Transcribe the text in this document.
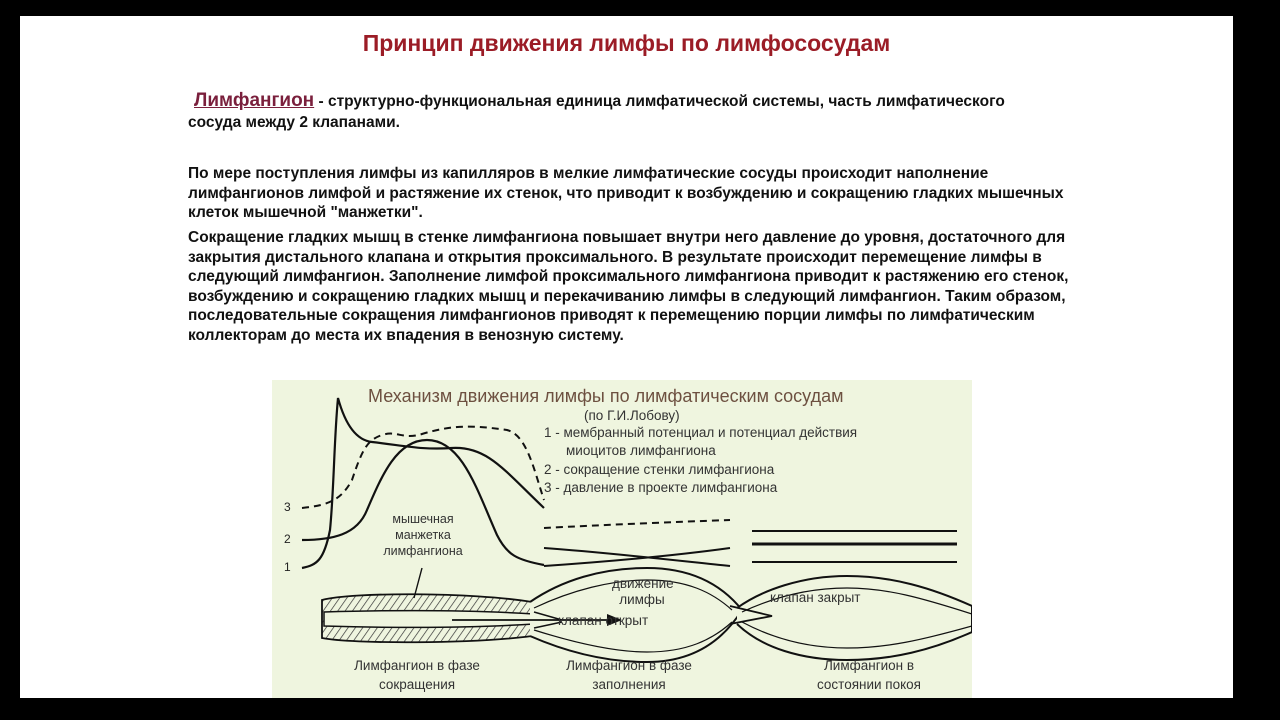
Принцип движения лимфы по лимфососудам
Лимфангион - структурно-функциональная единица лимфатической системы, часть лимфатического сосуда между 2 клапанами.
По мере поступления лимфы из капилляров в мелкие лимфатические сосуды происходит наполнение лимфангионов лимфой и растяжение их стенок, что приводит к возбуждению и сокращению гладких мышечных клеток мышечной "манжетки".
Сокращение гладких мышц в стенке лимфангиона повышает внутри него давление до уровня, достаточного для закрытия дистального клапана и открытия проксимального. В результате происходит перемещение лимфы в следующий лимфангион. Заполнение лимфой проксимального лимфангиона приводит к растяжению его стенок, возбуждению и сокращению гладких мышц и перекачиванию лимфы в следующий лимфангион. Таким образом, последовательные сокращения лимфангионов приводят к перемещению порции лимфы по лимфатическим коллекторам до места их впадения в венозную систему.
Механизм движения лимфы по лимфатическим сосудам
(по Г.И.Лобову)
1 - мембранный потенциал и потенциал действия
миоцитов лимфангиона
2 - сокращение стенки лимфангиона
3 - давление в проекте лимфангиона
3
2
1
мышечная манжетка лимфангиона
движение лимфы
клапан открыт
клапан закрыт
Лимфангион в фазе сокращения
Лимфангион в фазе заполнения
Лимфангион в состоянии покоя
